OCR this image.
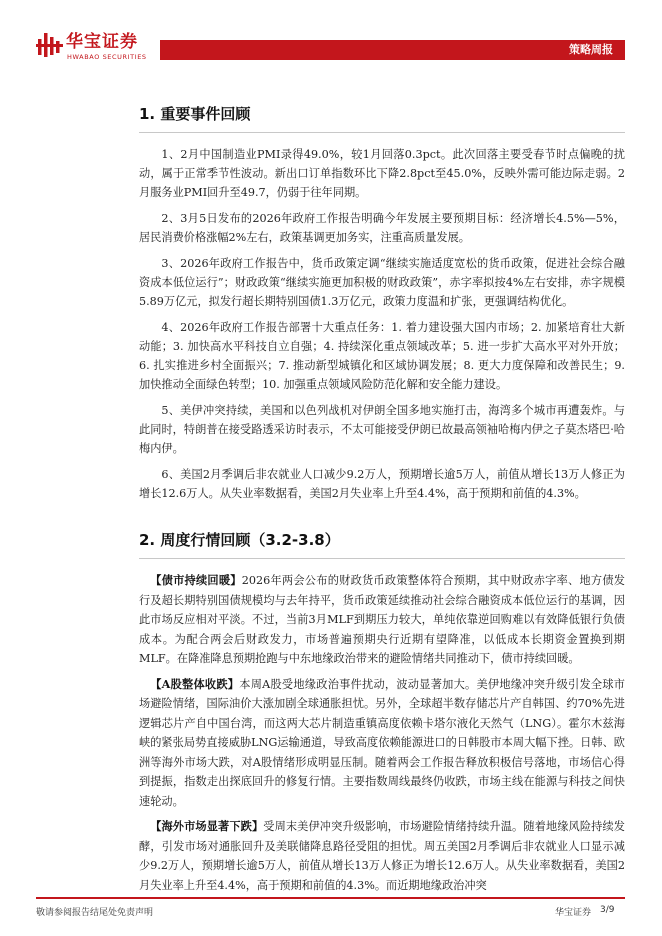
华宝证券
HWABAO SECURITIES
策略周报
1. 重要事件回顾

1、2月中国制造业PMI录得49.0%，较1月回落0.3pct。此次回落主要受春节时点偏晚的扰动，属于正常季节性波动。新出口订单指数环比下降2.8pct至45.0%，反映外需可能边际走弱。2月服务业PMI回升至49.7，仍弱于往年同期。

2、3月5日发布的2026年政府工作报告明确今年发展主要预期目标：经济增长4.5%—5%，居民消费价格涨幅2%左右，政策基调更加务实，注重高质量发展。

3、2026年政府工作报告中，货币政策定调“继续实施适度宽松的货币政策，促进社会综合融资成本低位运行”；财政政策“继续实施更加积极的财政政策”，赤字率拟按4%左右安排，赤字规模5.89万亿元，拟发行超长期特别国债1.3万亿元，政策力度温和扩张，更强调结构优化。

4、2026年政府工作报告部署十大重点任务：1. 着力建设强大国内市场；2. 加紧培育壮大新动能；3. 加快高水平科技自立自强；4. 持续深化重点领域改革；5. 进一步扩大高水平对外开放；6. 扎实推进乡村全面振兴；7. 推动新型城镇化和区域协调发展；8. 更大力度保障和改善民生；9. 加快推动全面绿色转型；10. 加强重点领域风险防范化解和安全能力建设。

5、美伊冲突持续，美国和以色列战机对伊朗全国多地实施打击，海湾多个城市再遭轰炸。与此同时，特朗普在接受路透采访时表示，不太可能接受伊朗已故最高领袖哈梅内伊之子莫杰塔巴·哈梅内伊。

6、美国2月季调后非农就业人口减少9.2万人，预期增长逾5万人，前值从增长13万人修正为增长12.6万人。从失业率数据看，美国2月失业率上升至4.4%，高于预期和前值的4.3%。

2. 周度行情回顾（3.2-3.8）

【债市持续回暖】2026年两会公布的财政货币政策整体符合预期，其中财政赤字率、地方债发行及超长期特别国债规模均与去年持平，货币政策延续推动社会综合融资成本低位运行的基调，因此市场反应相对平淡。不过，当前3月MLF到期压力较大，单纯依靠逆回购难以有效降低银行负债成本。为配合两会后财政发力，市场普遍预期央行近期有望降准，以低成本长期资金置换到期MLF。在降准降息预期抢跑与中东地缘政治带来的避险情绪共同推动下，债市持续回暖。

【A股整体收跌】本周A股受地缘政治事件扰动，波动显著加大。美伊地缘冲突升级引发全球市场避险情绪，国际油价大涨加剧全球通胀担忧。另外，全球超半数存储芯片产自韩国、约70%先进逻辑芯片产自中国台湾，而这两大芯片制造重镇高度依赖卡塔尔液化天然气（LNG）。霍尔木兹海峡的紧张局势直接威胁LNG运输通道，导致高度依赖能源进口的日韩股市本周大幅下挫。日韩、欧洲等海外市场大跌，对A股情绪形成明显压制。随着两会工作报告释放积极信号落地，市场信心得到提振，指数走出探底回升的修复行情。主要指数周线最终仍收跌，市场主线在能源与科技之间快速轮动。

【海外市场显著下跌】受周末美伊冲突升级影响，市场避险情绪持续升温。随着地缘风险持续发酵，引发市场对通胀回升及美联储降息路径受阻的担忧。周五美国2月季调后非农就业人口显示减少9.2万人，预期增长逾5万人，前值从增长13万人修正为增长12.6万人。从失业率数据看，美国2月失业率上升至4.4%，高于预期和前值的4.3%。而近期地缘政治冲突

敬请参阅报告结尾处免责声明	华宝证券 3/9
